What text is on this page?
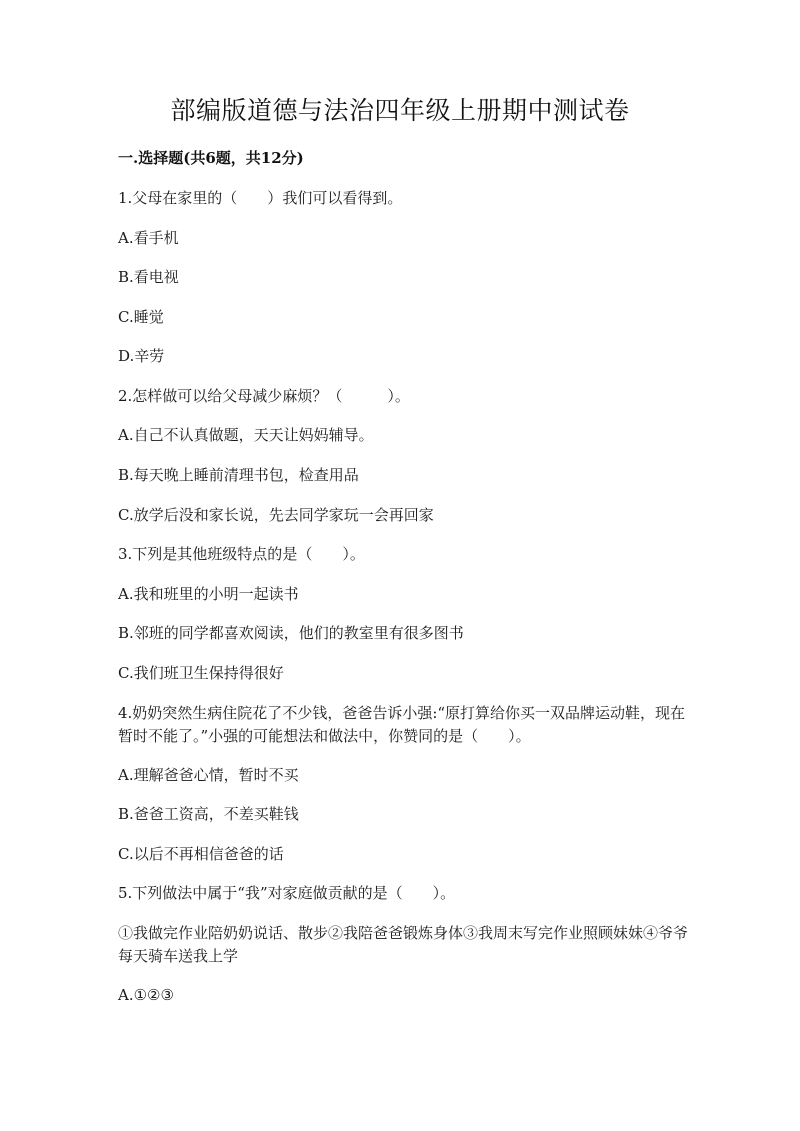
部编版道德与法治四年级上册期中测试卷
一.选择题(共6题，共12分)
1.父母在家里的（　　）我们可以看得到。
A.看手机
B.看电视
C.睡觉
D.辛劳
2.怎样做可以给父母减少麻烦？（　　　）。
A.自己不认真做题，天天让妈妈辅导。
B.每天晚上睡前清理书包，检查用品
C.放学后没和家长说，先去同学家玩一会再回家
3.下列是其他班级特点的是（　　）。
A.我和班里的小明一起读书
B.邻班的同学都喜欢阅读，他们的教室里有很多图书
C.我们班卫生保持得很好
4.奶奶突然生病住院花了不少钱，爸爸告诉小强:“原打算给你买一双品牌运动鞋，现在暂时不能了。”小强的可能想法和做法中，你赞同的是（　　）。
A.理解爸爸心情，暂时不买
B.爸爸工资高，不差买鞋钱
C.以后不再相信爸爸的话
5.下列做法中属于“我”对家庭做贡献的是（　　）。
①我做完作业陪奶奶说话、散步②我陪爸爸锻炼身体③我周末写完作业照顾妹妹④爷爷每天骑车送我上学
A.①②③
